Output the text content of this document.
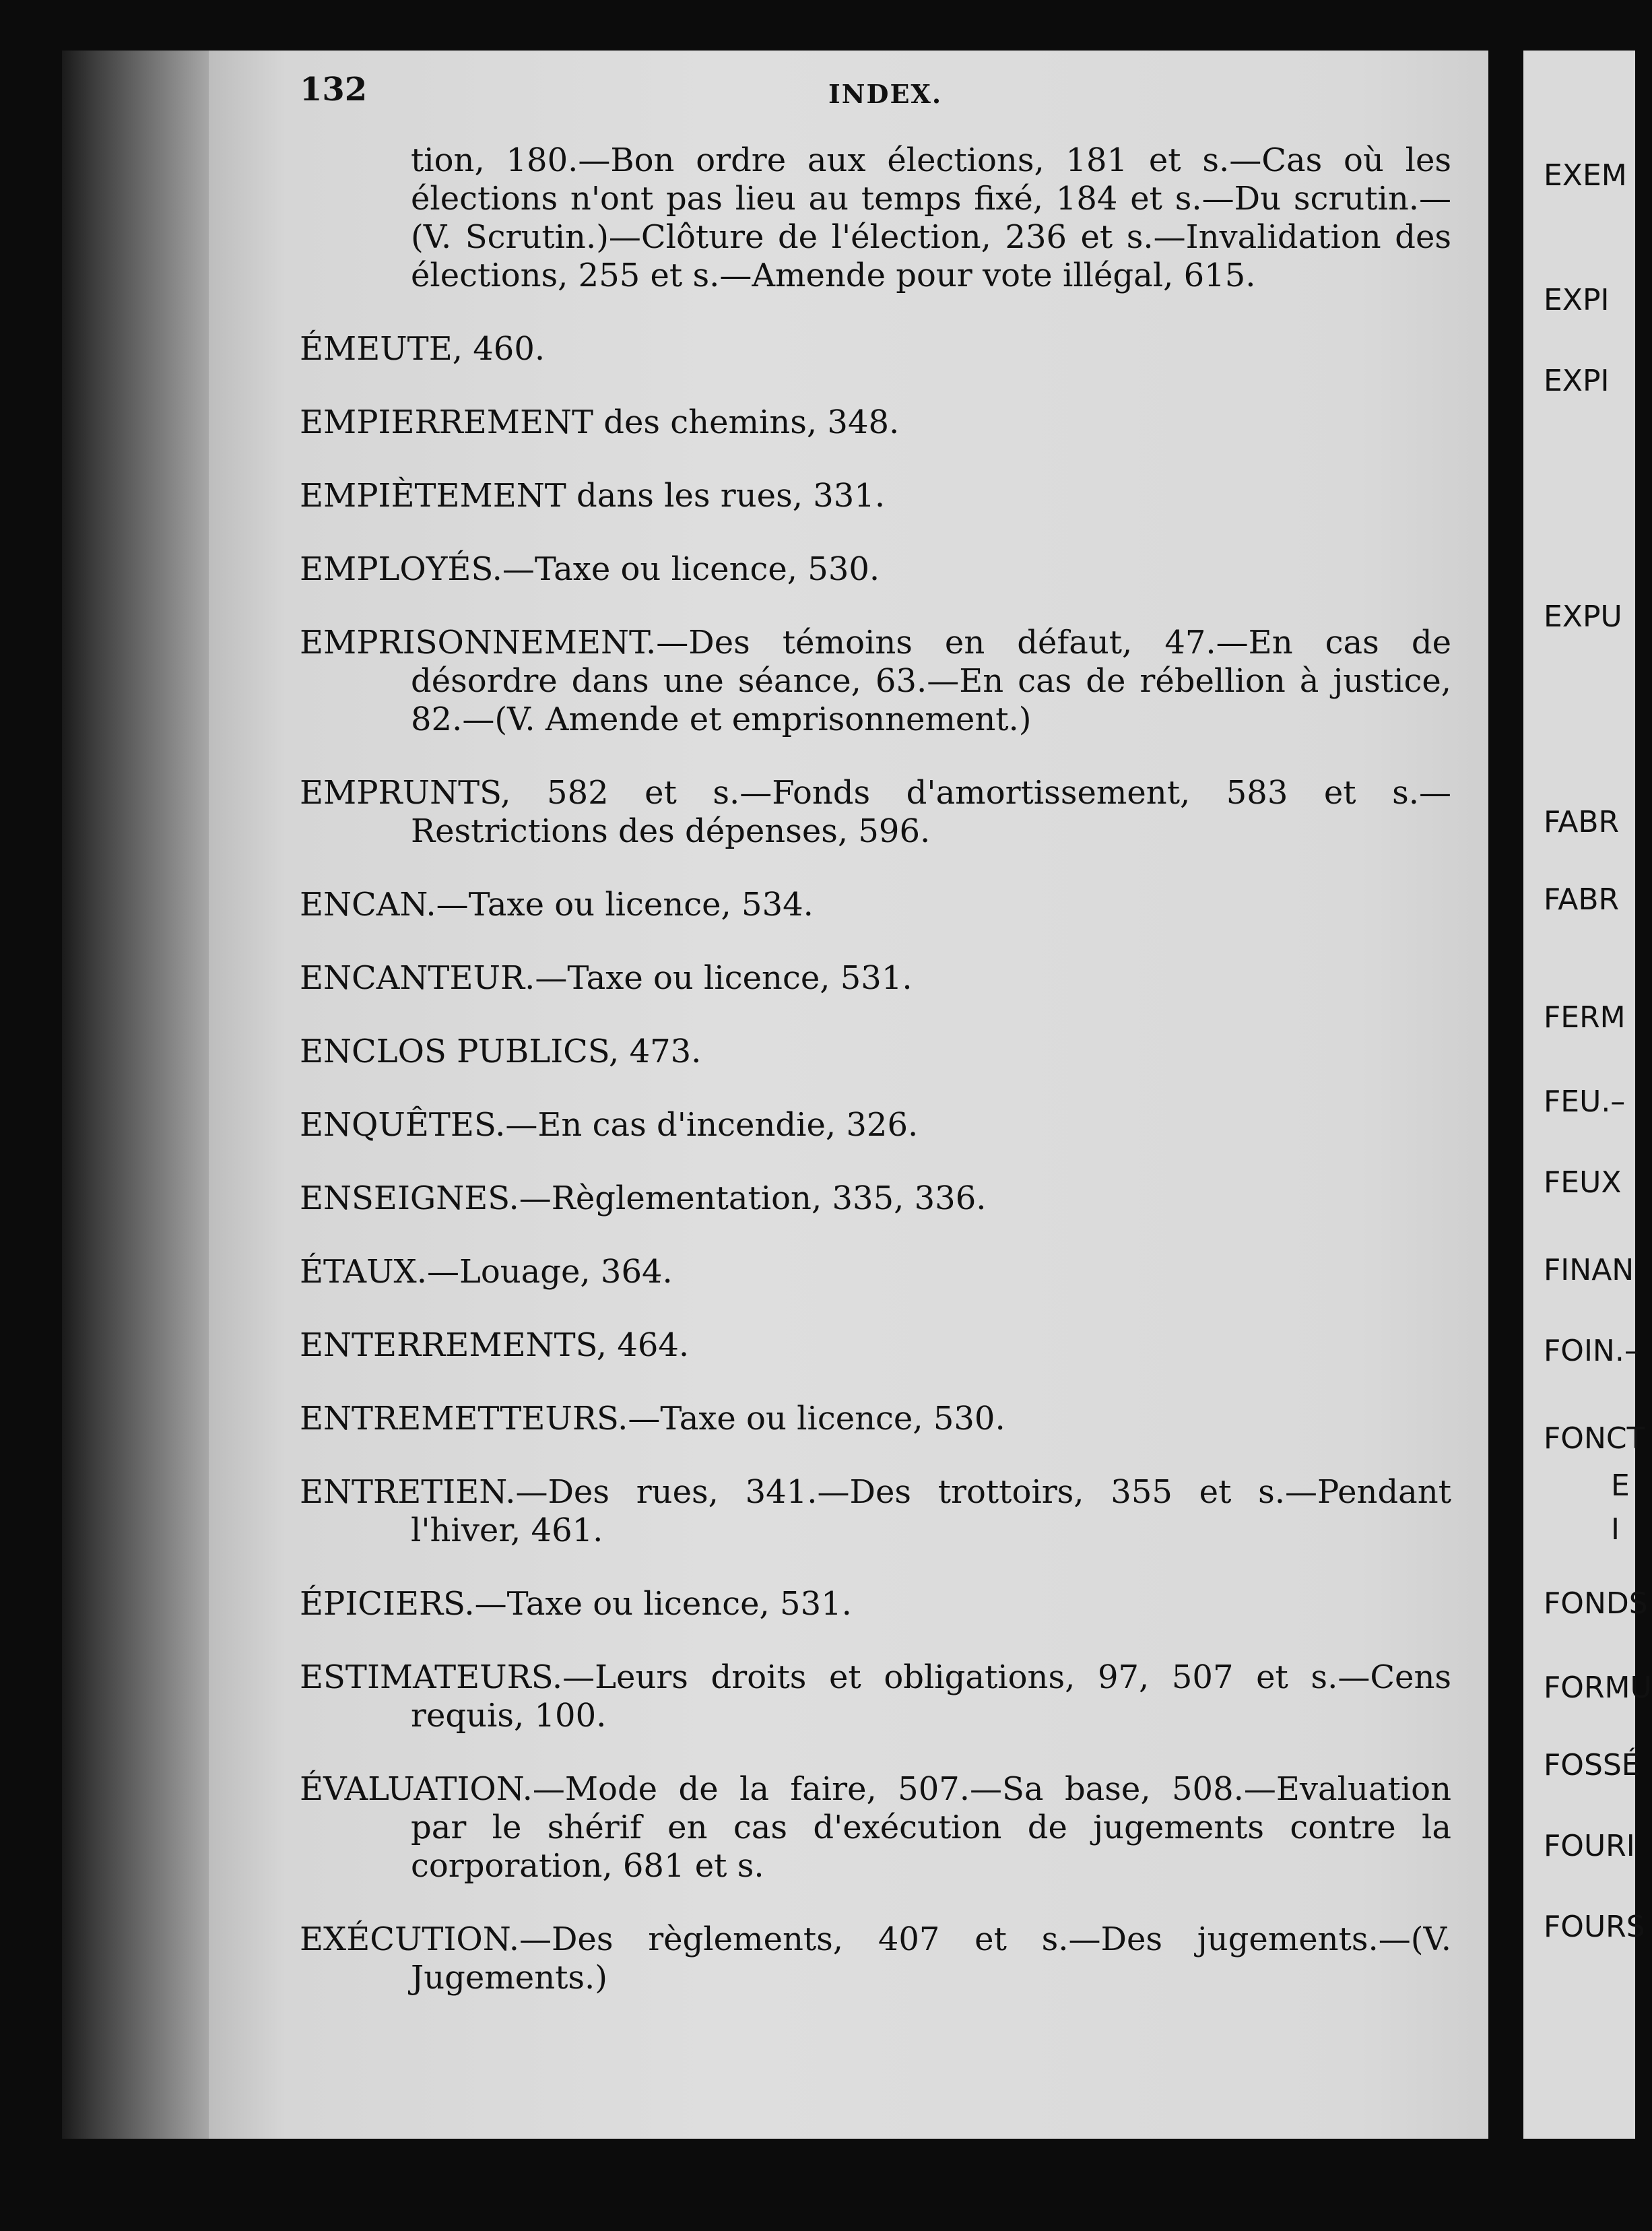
132	INDEX.
tion, 180.—Bon ordre aux élections, 181 et s.—Cas où les élections n'ont pas lieu au temps fixé, 184 et s.—Du scrutin.—(V. Scrutin.)—Clôture de l'élection, 236 et s.—Invalidation des élections, 255 et s.—Amende pour vote illégal, 615.
ÉMEUTE, 460.
EMPIERREMENT des chemins, 348.
EMPIÈTEMENT dans les rues, 331.
EMPLOYÉS.—Taxe ou licence, 530.
EMPRISONNEMENT.—Des témoins en défaut, 47.—En cas de désordre dans une séance, 63.—En cas de rébellion à justice, 82.—(V. Amende et emprisonnement.)
EMPRUNTS, 582 et s.—Fonds d'amortissement, 583 et s.—Restrictions des dépenses, 596.
ENCAN.—Taxe ou licence, 534.
ENCANTEUR.—Taxe ou licence, 531.
ENCLOS PUBLICS, 473.
ENQUÊTES.—En cas d'incendie, 326.
ENSEIGNES.—Règlementation, 335, 336.
ÉTAUX.—Louage, 364.
ENTERREMENTS, 464.
ENTREMETTEURS.—Taxe ou licence, 530.
ENTRETIEN.—Des rues, 341.—Des trottoirs, 355 et s.—Pendant l'hiver, 461.
ÉPICIERS.—Taxe ou licence, 531.
ESTIMATEURS.—Leurs droits et obligations, 97, 507 et s.—Cens requis, 100.
ÉVALUATION.—Mode de la faire, 507.—Sa base, 508.—Evaluation par le shérif en cas d'exécution de jugements contre la corporation, 681 et s.
EXÉCUTION.—Des règlements, 407 et s.—Des jugements.—(V. Jugements.)
EXEM
EXPI
EXPI
EXPU
FABR
FABR
FERM
FEU.–
FEUX
FINAN
FOIN.–
FONCT
E
I
FONDS
FORMU
FOSSÉ
FOURI
FOURS
